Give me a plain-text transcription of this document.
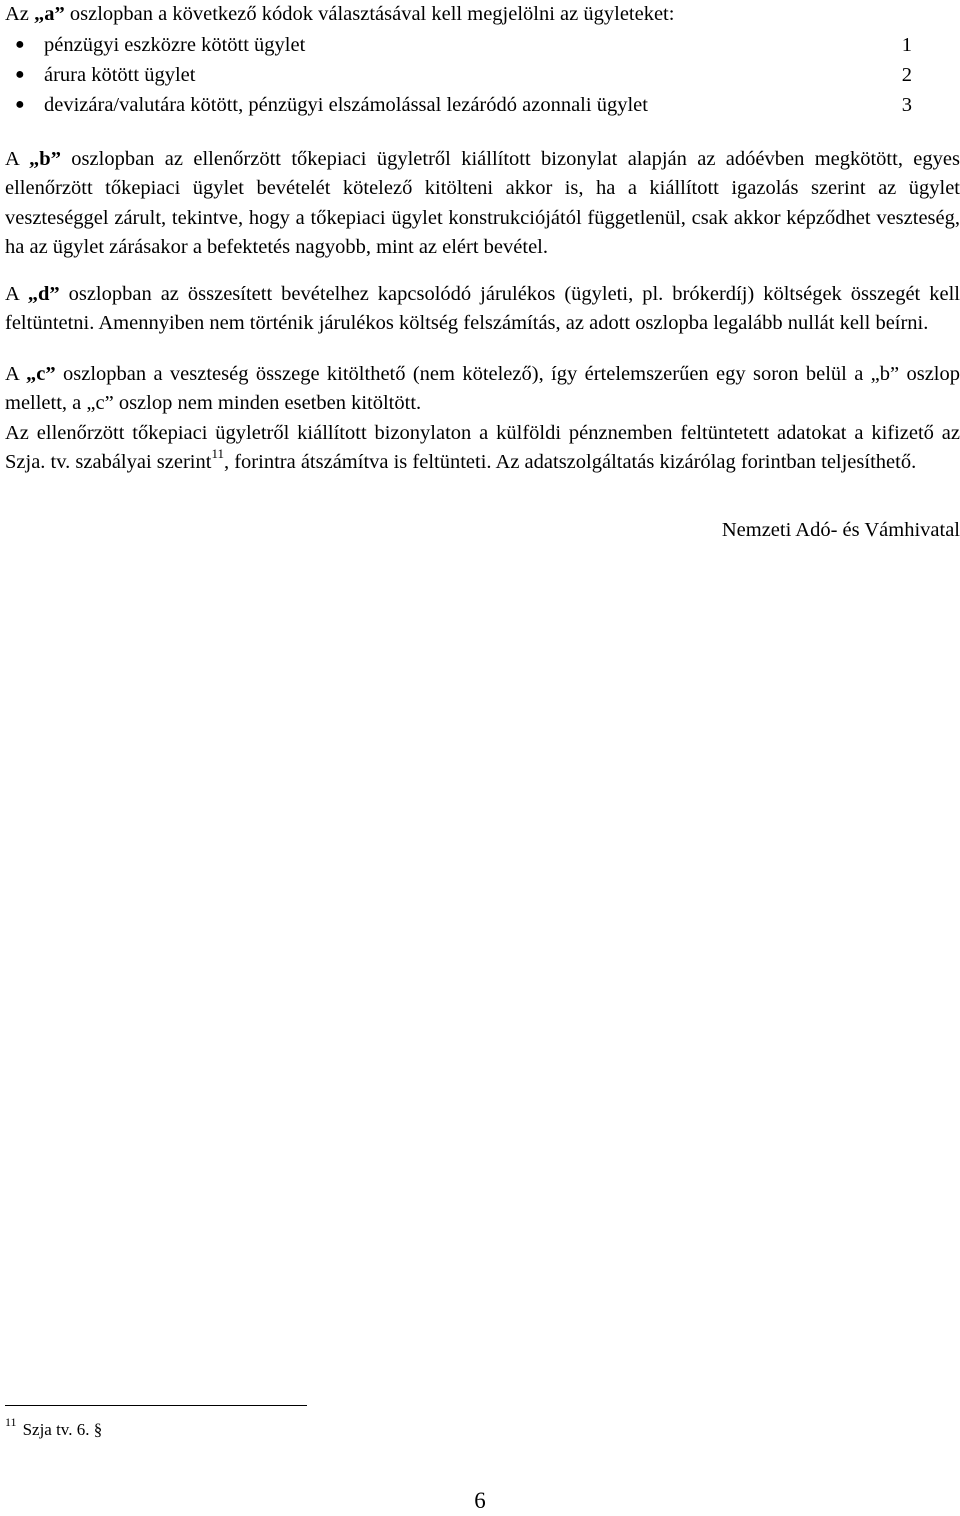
Az „a” oszlopban a következő kódok választásával kell megjelölni az ügyleteket:

● pénzügyi eszközre kötött ügylet	1
● árura kötött ügylet	2
● devizára/valutára kötött, pénzügyi elszámolással lezáródó azonnali ügylet	3

A „b” oszlopban az ellenőrzött tőkepiaci ügyletről kiállított bizonylat alapján az adóévben megkötött, egyes ellenőrzött tőkepiaci ügylet bevételét kötelező kitölteni akkor is, ha a kiállított igazolás szerint az ügylet veszteséggel zárult, tekintve, hogy a tőkepiaci ügylet konstrukciójától függetlenül, csak akkor képződhet veszteség, ha az ügylet zárásakor a befektetés nagyobb, mint az elért bevétel.

A „d” oszlopban az összesített bevételhez kapcsolódó járulékos (ügyleti, pl. brókerdíj) költségek összegét kell feltüntetni. Amennyiben nem történik járulékos költség felszámítás, az adott oszlopba legalább nullát kell beírni.

A „c” oszlopban a veszteség összege kitölthető (nem kötelező), így értelemszerűen egy soron belül a „b” oszlop mellett, a „c” oszlop nem minden esetben kitöltött.

Az ellenőrzött tőkepiaci ügyletről kiállított bizonylaton a külföldi pénznemben feltüntetett adatokat a kifizető az Szja. tv. szabályai szerint$^{11}$, forintra átszámítva is feltünteti. Az adatszolgáltatás kizárólag forintban teljesíthető.

Nemzeti Adó- és Vámhivatal

$^{11}$ Szja tv. 6. §
6
